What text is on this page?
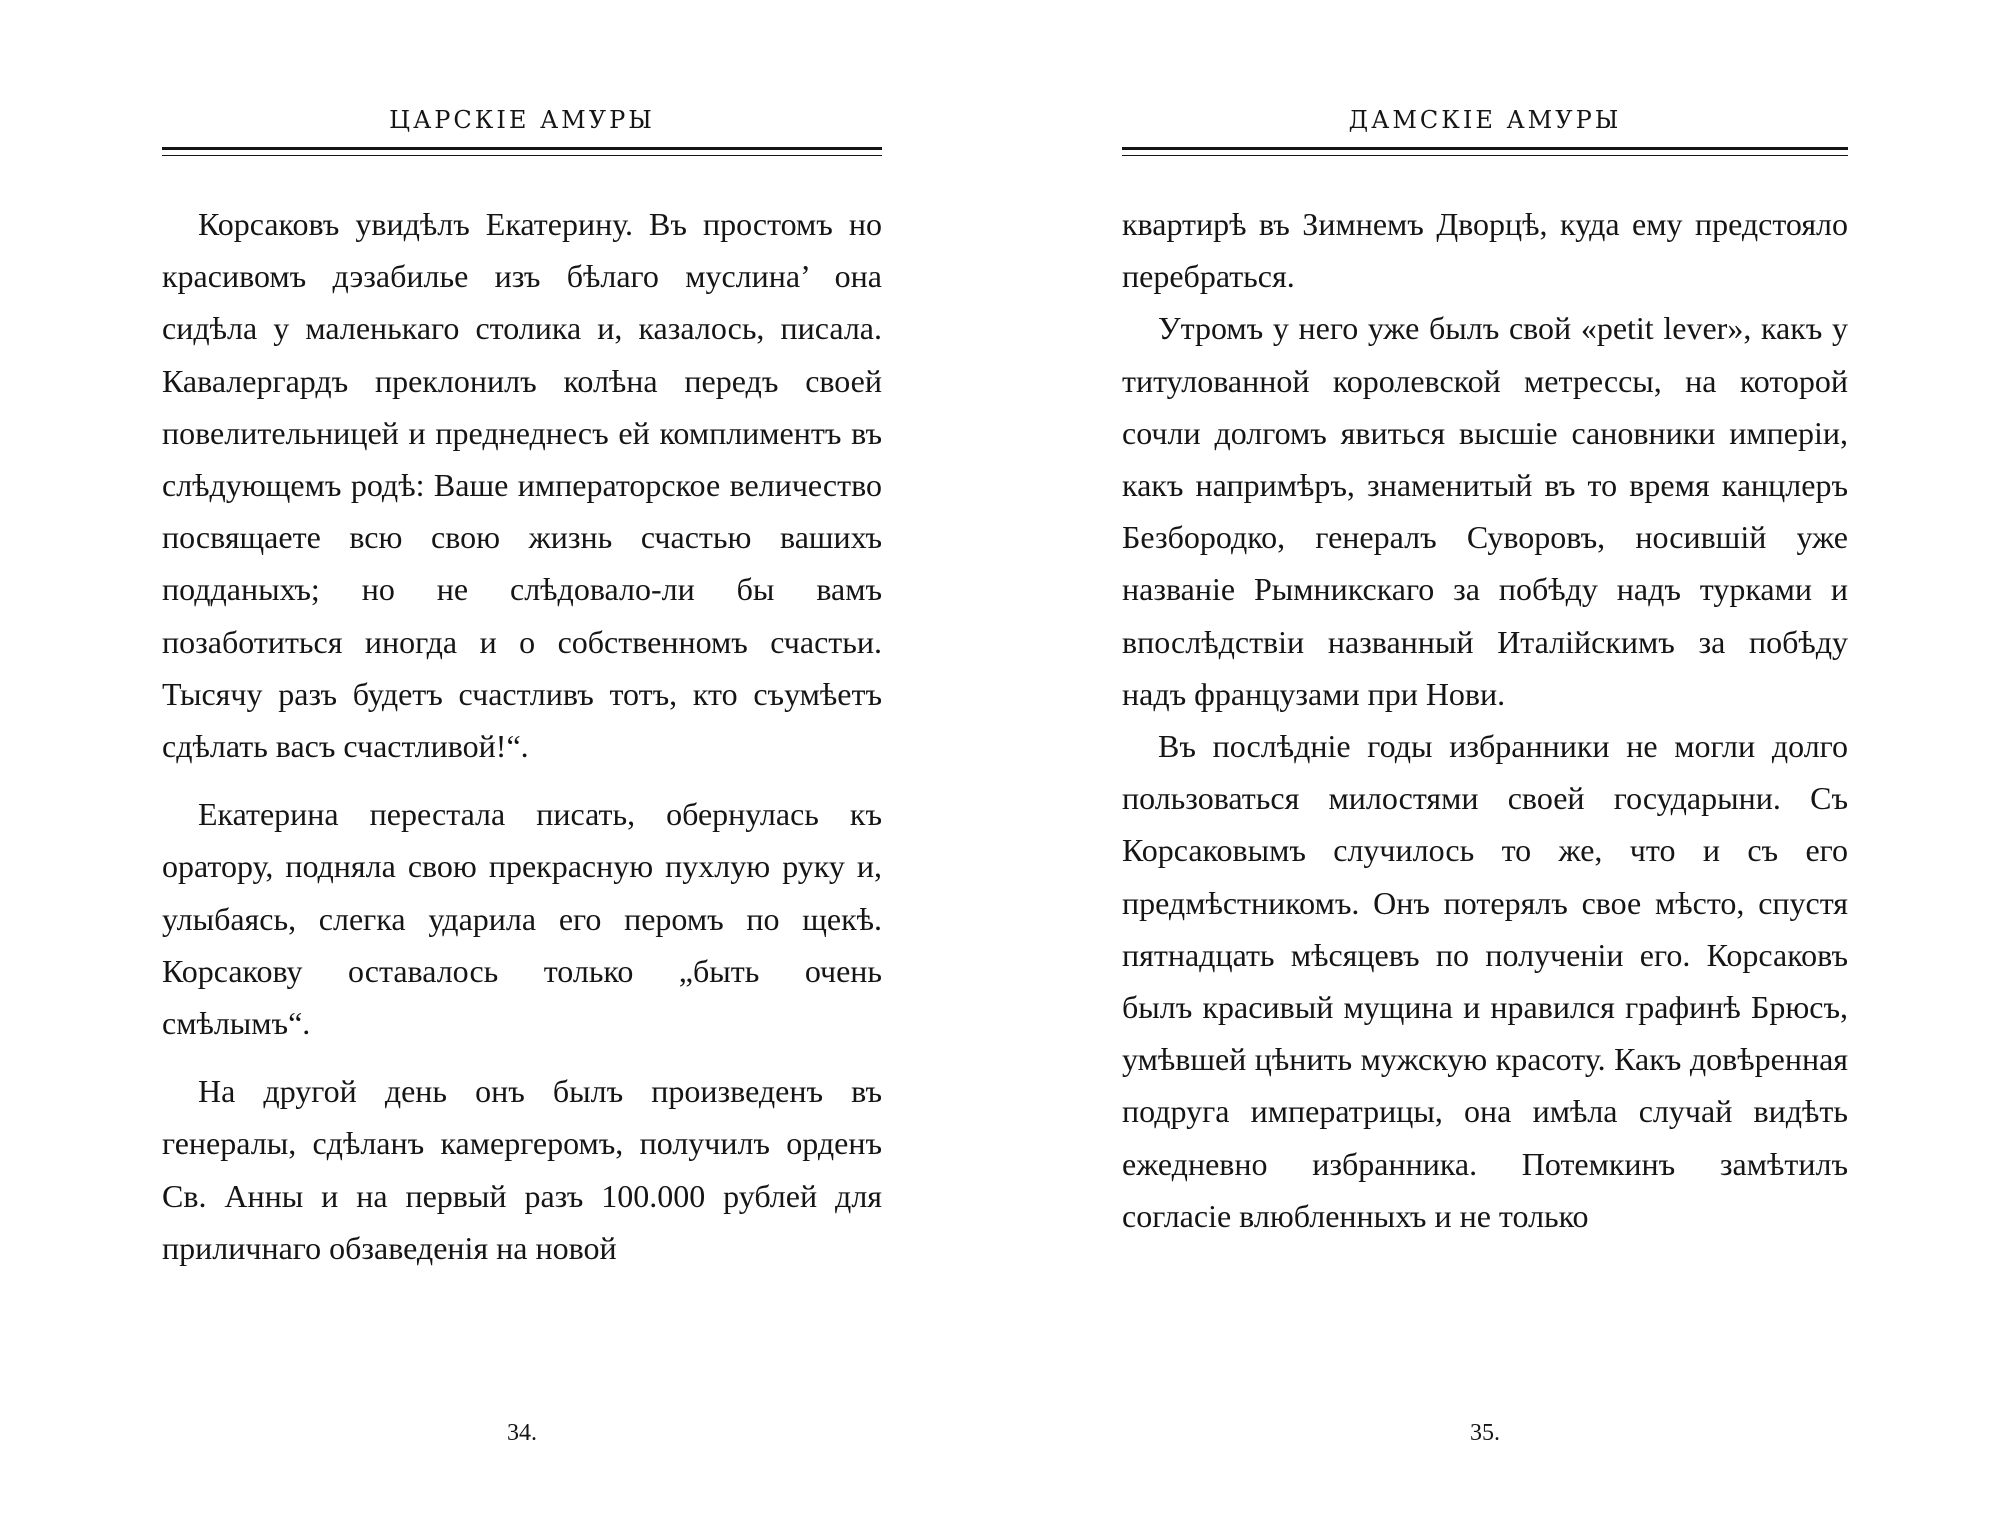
ЦАРСКІЕ АМУРЫ

Корсаковъ увидѣлъ Екатерину. Въ простомъ но красивомъ дэзабилье изъ бѣлаго муслина’ она сидѣла у маленькаго столика и, казалось, писала. Кавалергардъ преклонилъ колѣна передъ своей повелительницей и преднеднесъ ей комплиментъ въ слѣдующемъ родѣ: Ваше императорское величество посвящаете всю свою жизнь счастью вашихъ подданыхъ; но не слѣдовало-ли бы вамъ позаботиться иногда и о собственномъ счастьи. Тысячу разъ будетъ счастливъ тотъ, кто съумѣетъ сдѣлать васъ счастливой!“.

Екатерина перестала писать, обернулась къ оратору, подняла свою прекрасную пухлую руку и, улыбаясь, слегка ударила его перомъ по щекѣ. Корсакову оставалось только „быть очень смѣлымъ“.

На другой день онъ былъ произведенъ въ генералы, сдѣланъ камергеромъ, получилъ орденъ Св. Анны и на первый разъ 100.000 рублей для приличнаго обзаведенія на новой

34.
ДАМСКІЕ АМУРЫ

квартирѣ въ Зимнемъ Дворцѣ, куда ему предстояло перебраться.

Утромъ у него уже былъ свой «petit lever», какъ у титулованной королевской метрессы, на которой сочли долгомъ явиться высшіе сановники имперіи, какъ напримѣръ, знаменитый въ то время канцлеръ Безбородко, генералъ Суворовъ, носившій уже названіе Рымникскаго за побѣду надъ турками и впослѣдствіи названный Италійскимъ за побѣду надъ французами при Нови.

Въ послѣдніе годы избранники не могли долго пользоваться милостями своей государыни. Съ Корсаковымъ случилось то же, что и съ его предмѣстникомъ. Онъ потерялъ свое мѣсто, спустя пятнадцать мѣсяцевъ по полученіи его. Корсаковъ былъ красивый мущина и нравился графинѣ Брюсъ, умѣвшей цѣнить мужскую красоту. Какъ довѣренная подруга императрицы, она имѣла случай видѣть ежедневно избранника. Потемкинъ замѣтилъ согласіе влюбленныхъ и не только

35.
